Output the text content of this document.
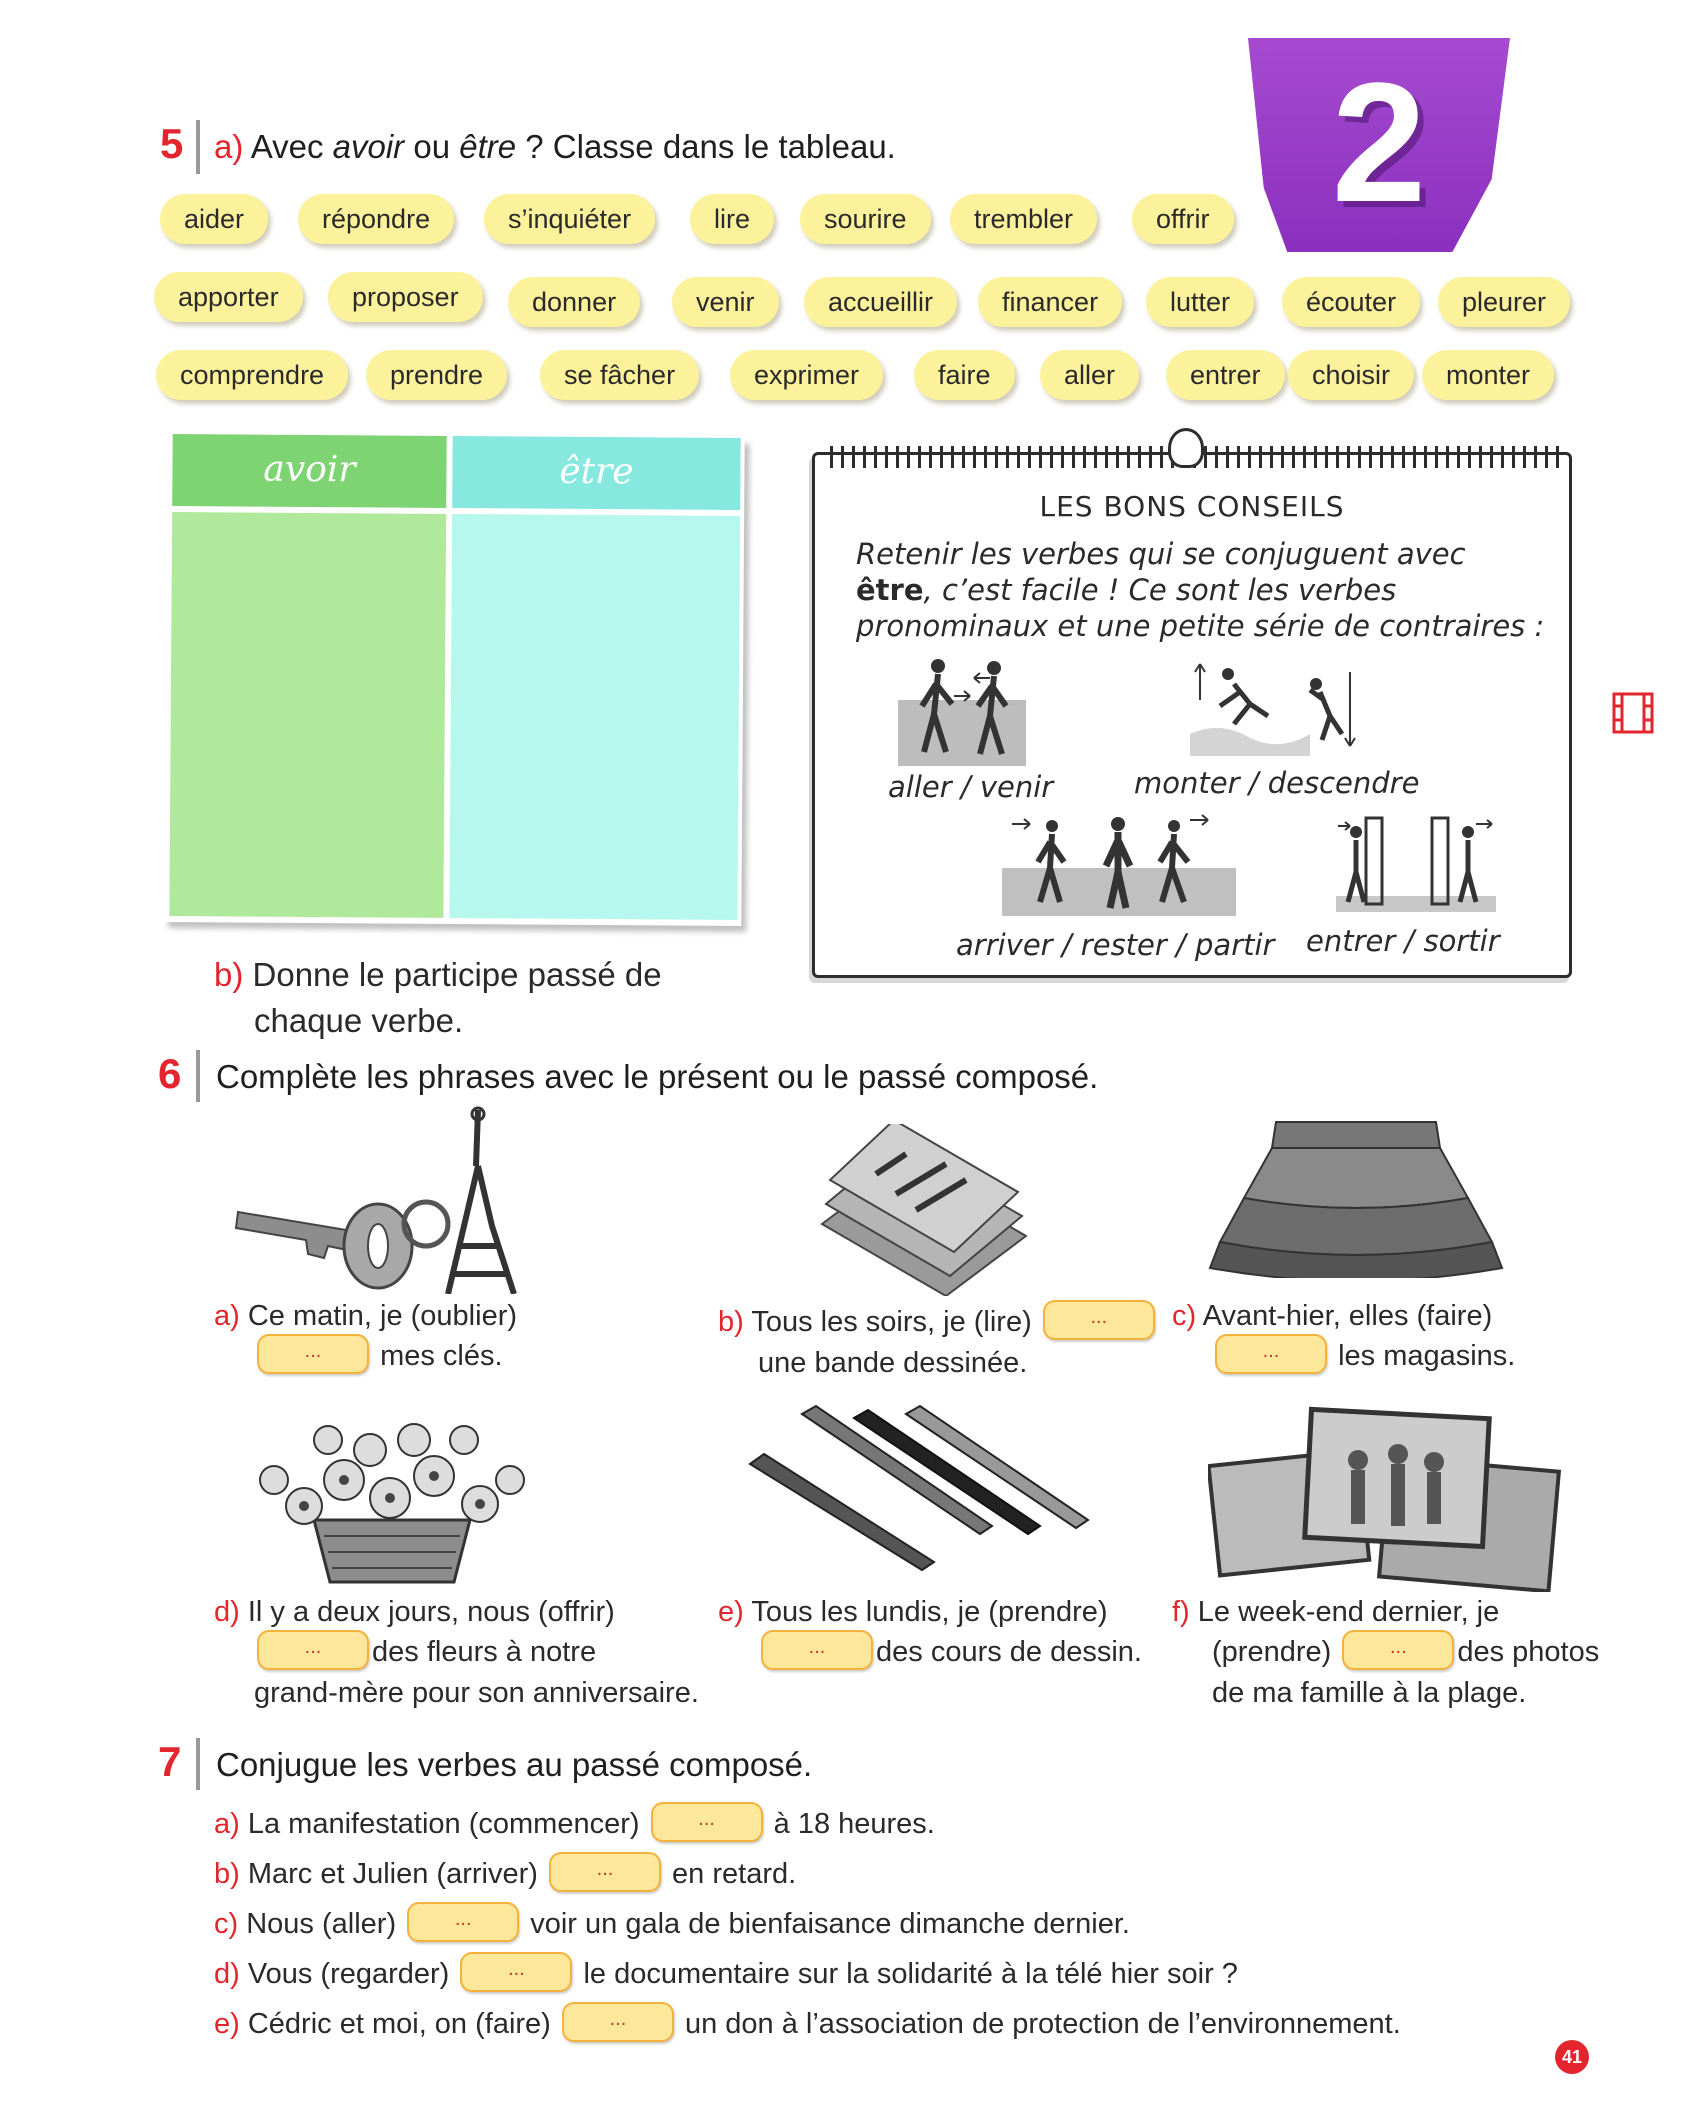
2
5 a) Avec avoir ou être ? Classe dans le tableau.
aider	répondre	s’inquiéter	lire	sourire	trembler	offrir
apporter	proposer	donner	venir	accueillir	financer	lutter	écouter	pleurer
comprendre	prendre	se fâcher	exprimer	faire	aller	entrer	choisir	monter
avoir	être
b) Donne le participe passé de
chaque verbe.
LES BONS CONSEILS
Retenir les verbes qui se conjuguent avec être, c’est facile ! Ce sont les verbes pronominaux et une petite série de contraires :
aller / venir	monter / descendre
arriver / rester / partir entrer / sortir
6 Complète les phrases avec le présent ou le passé composé.
a) Ce matin, je (oublier)
... mes clés.
b) Tous les soirs, je (lire)	...
une bande dessinée.
c) Avant-hier, elles (faire)
... les magasins.
d) Il y a deux jours, nous (offrir)
... des fleurs à notre
grand-mère pour son anniversaire.
e) Tous les lundis, je (prendre)
... des cours de dessin.
f) Le week-end dernier, je
(prendre)	... des photos
de ma famille à la plage.
7 Conjugue les verbes au passé composé.
a) La manifestation (commencer)	... à 18 heures.
b) Marc et Julien (arriver)	... en retard.
c) Nous (aller)	... voir un gala de bienfaisance dimanche dernier.
d) Vous (regarder)	... le documentaire sur la solidarité à la télé hier soir ?
e) Cédric et moi, on (faire)	... un don à l’association de protection de l’environnement.
41
